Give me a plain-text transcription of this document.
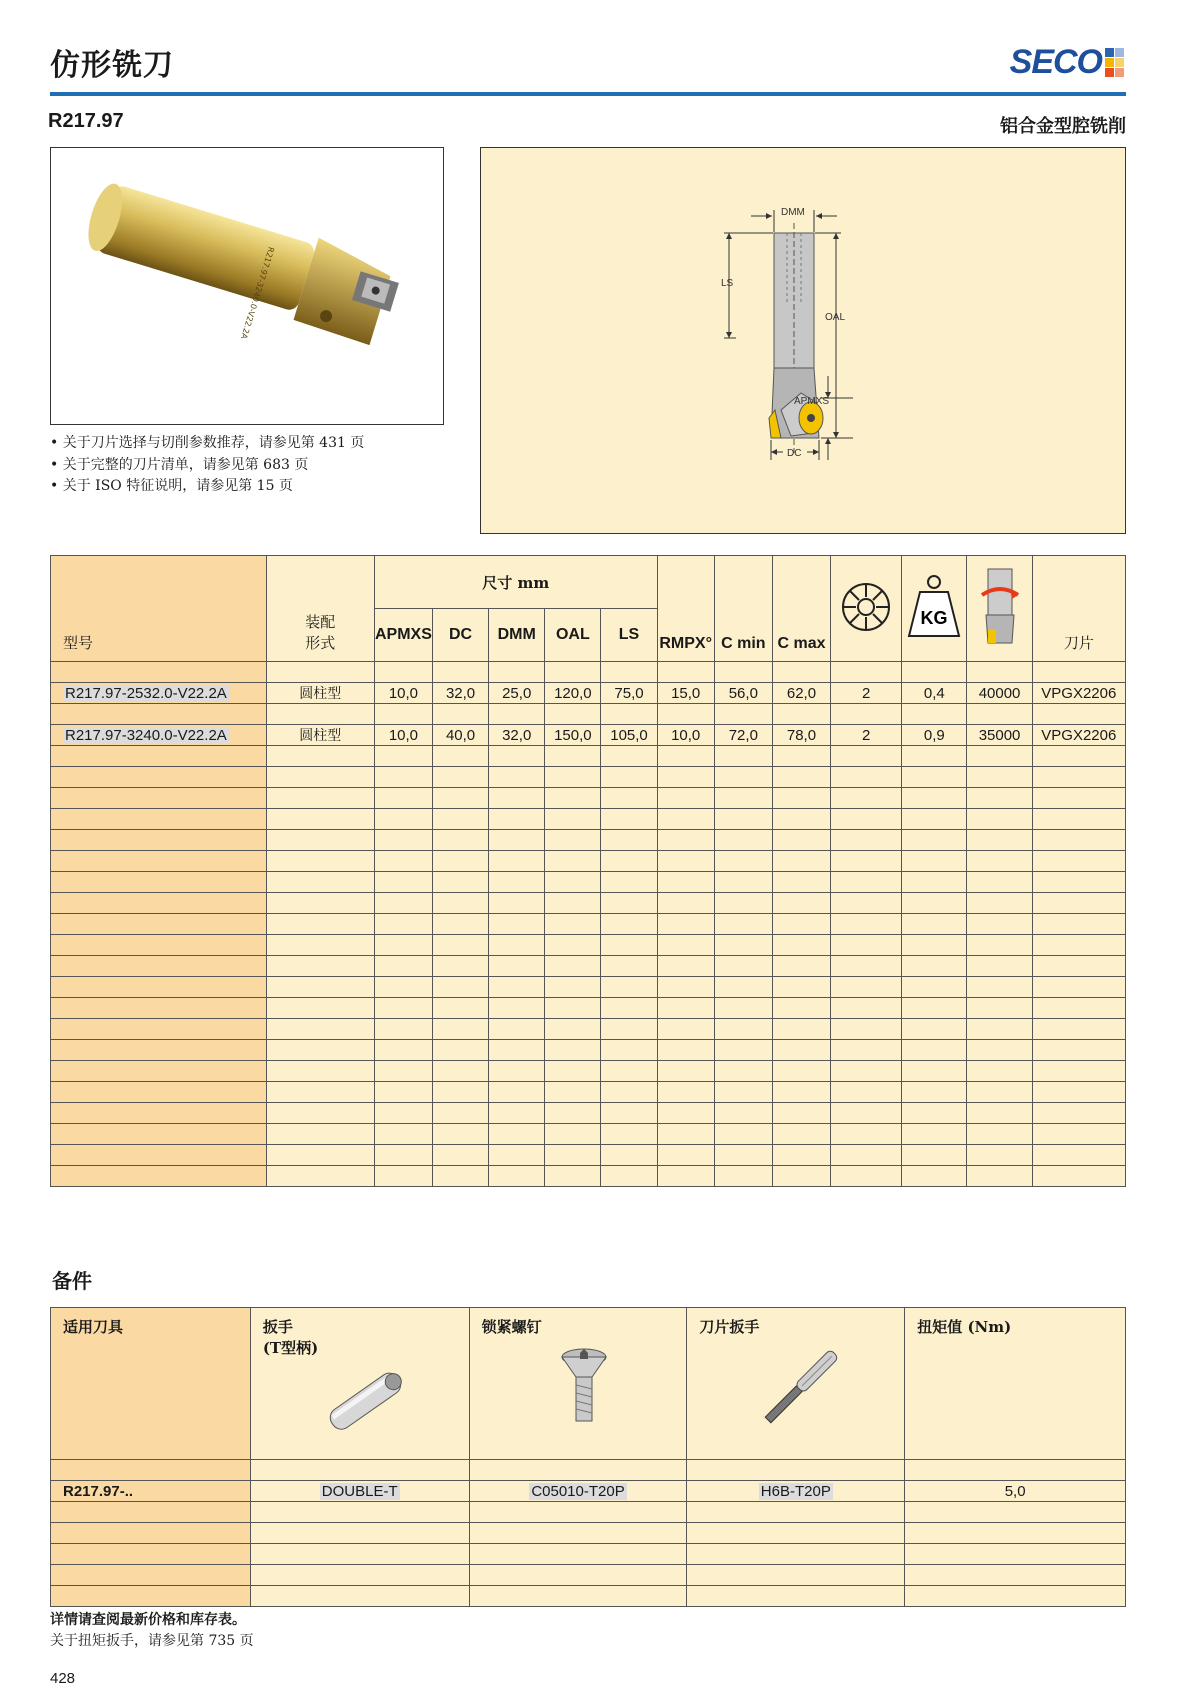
仿形铣刀	SECO
R217.97	铝合金型腔铣削
R217.97-3240.0-V22.2A
• 关于刀片选择与切削参数推荐，请参见第 431 页
• 关于完整的刀片清单，请参见第 683 页
• 关于 ISO 特征说明，请参见第 15 页
DMM
LS
OAL
APMXS
DC
型号	装配
形式	尺寸 mm					RMPX°	C min	C max		KG		刀片
		APMXS	DC	DMM	OAL	LS							

R217.97-2532.0-V22.2A	圆柱型	10,0	32,0	25,0	120,0	75,0	15,0	56,0	62,0	2	0,4	40000	VPGX2206

R217.97-3240.0-V22.2A	圆柱型	10,0	40,0	32,0	150,0	105,0	10,0	72,0	78,0	2	0,9	35000	VPGX2206

备件
适用刀具	扳手
(T型柄)	锁紧螺钉	刀片扳手	扭矩值 (Nm)

R217.97-..	DOUBLE-T	C05010-T20P	H6B-T20P	5,0

详情请查阅最新价格和库存表。
关于扭矩扳手，请参见第 735 页
428
